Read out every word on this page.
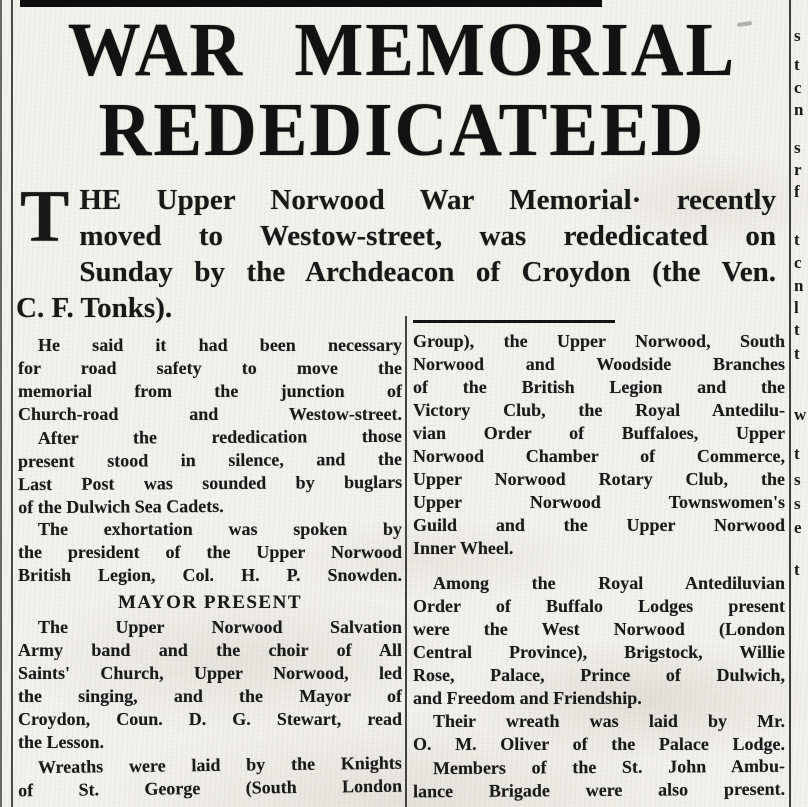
WAR MEMORIAL
REDEDICATEED
T HE Upper Norwood War Memorial· recently
moved to Westow-street, was rededicated on
Sunday by the Archdeacon of Croydon (the Ven.
C. F. Tonks).
He said it had been necessary
for road safety to move the
memorial from the junction of
Church-road and Westow-street.
After the rededication those
present stood in silence, and the
Last Post was sounded by buglars
of the Dulwich Sea Cadets.
The exhortation was spoken by
the president of the Upper Norwood
British Legion, Col. H. P. Snowden.
MAYOR PRESENT
The Upper Norwood Salvation
Army band and the choir of All
Saints' Church, Upper Norwood, led
the singing, and the Mayor of
Croydon, Coun. D. G. Stewart, read
the Lesson.
Wreaths were laid by the Knights
of St. George (South London
Group), the Upper Norwood, South
Norwood and Woodside Branches
of the British Legion and the
Victory Club, the Royal Antedilu-
vian Order of Buffaloes, Upper
Norwood Chamber of Commerce,
Upper Norwood Rotary Club, the
Upper Norwood Townswomen's
Guild and the Upper Norwood
Inner Wheel.
Among the Royal Antediluvian
Order of Buffalo Lodges present
were the West Norwood (London
Central Province), Brigstock, Willie
Rose, Palace, Prince of Dulwich,
and Freedom and Friendship.
Their wreath was laid by Mr.
O. M. Oliver of the Palace Lodge.
Members of the St. John Ambu-
lance Brigade were also present.
s
t
c
n
s
r
f
t
c
n
l
t
t
w
t
s
s
e
t
